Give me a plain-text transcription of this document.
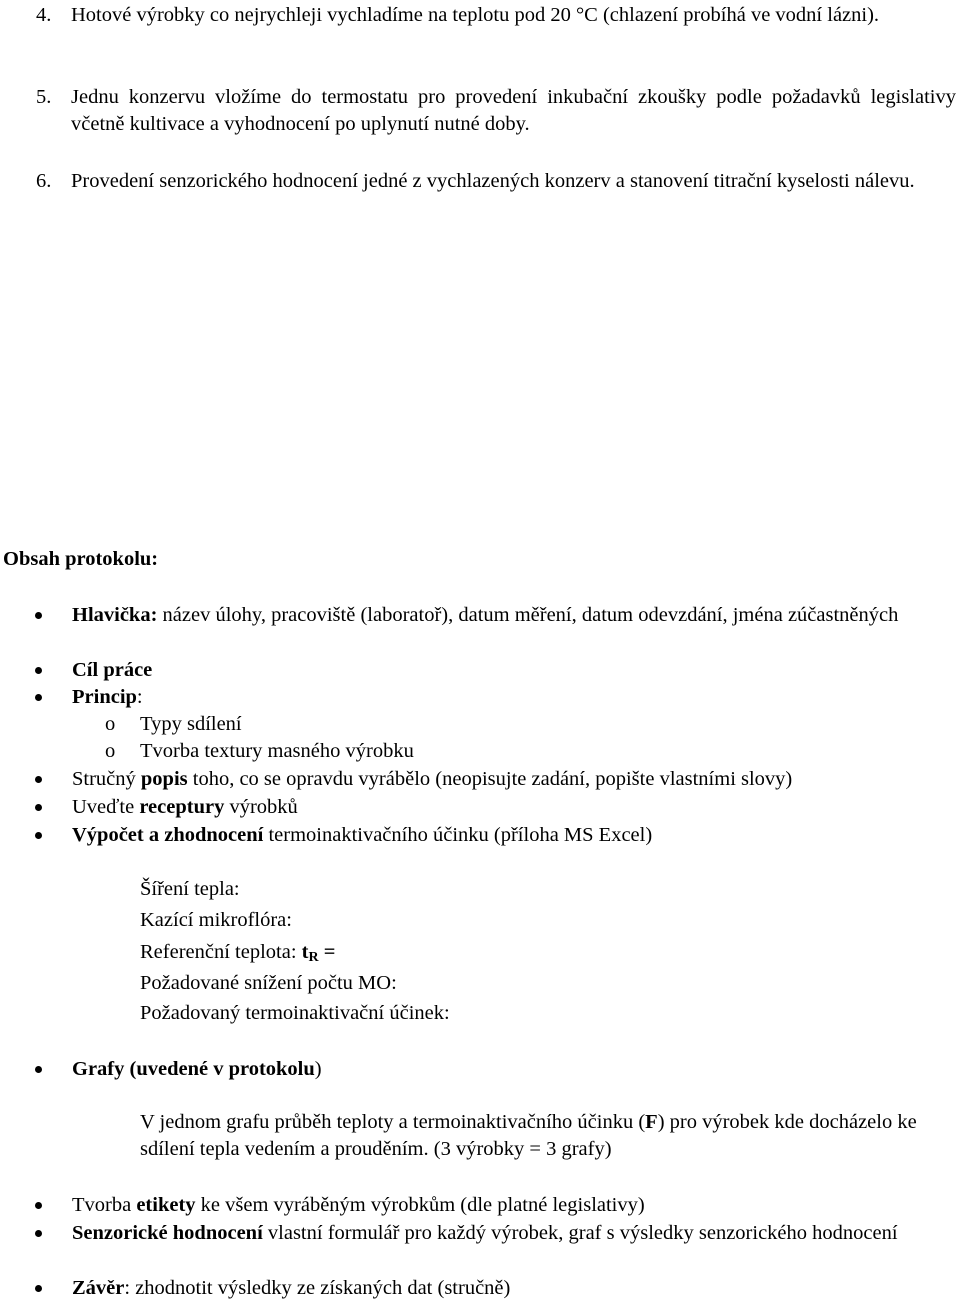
4. Hotové výrobky co nejrychleji vychladíme na teplotu pod 20 °C (chlazení probíhá ve vodní lázni).
5. Jednu konzervu vložíme do termostatu pro provedení inkubační zkoušky podle požadavků legislativy včetně kultivace a vyhodnocení po uplynutí nutné doby.
6. Provedení senzorického hodnocení jedné z vychlazených konzerv a stanovení titrační kyselosti nálevu.
Obsah protokolu:
Hlavička: název úlohy, pracoviště (laboratoř), datum měření, datum odevzdání, jména zúčastněných
Cíl práce
Princip:
o Typy sdílení
o Tvorba textury masného výrobku
Stručný popis toho, co se opravdu vyrábělo (neopisujte zadání, popište vlastními slovy)
Uveďte receptury výrobků
Výpočet a zhodnocení termoinaktivačního účinku (příloha MS Excel)
Šíření tepla:
Kazící mikroflóra:
Referenční teplota: $t_R$ =
Požadované snížení počtu MO:
Požadovaný termoinaktivační účinek:
Grafy (uvedené v protokolu)
V jednom grafu průběh teploty a termoinaktivačního účinku (F) pro výrobek kde docházelo ke sdílení tepla vedením a prouděním. (3 výrobky = 3 grafy)
Tvorba etikety ke všem vyráběným výrobkům (dle platné legislativy)
Senzorické hodnocení vlastní formulář pro každý výrobek, graf s výsledky senzorického hodnocení
Závěr: zhodnotit výsledky ze získaných dat (stručně)
